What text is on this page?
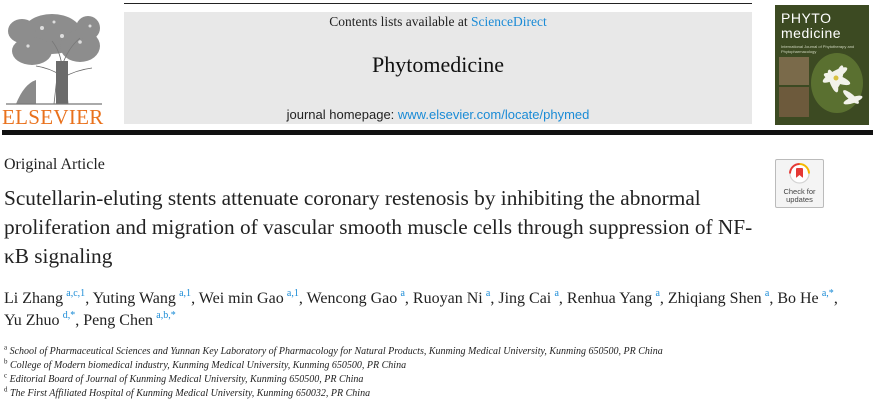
ELSEVIER
Contents lists available at ScienceDirect
Phytomedicine
journal homepage: www.elsevier.com/locate/phymed
PHYTO
medicine
International Journal of Phytotherapy and Phytopharmacology
Original Article
Scutellarin-eluting stents attenuate coronary restenosis by inhibiting the abnormal proliferation and migration of vascular smooth muscle cells through suppression of NF-κB signaling
Check for updates
Li Zhang  $^{a,c,1}$, Yuting Wang  $^{a,1}$, Wei min Gao  $^{a,1}$, Wencong Gao  $^a$, Ruoyan Ni  $^a$, Jing Cai  $^a$, Renhua Yang  $^a$, Zhiqiang Shen  $^a$, Bo He  $^{a,*}$, Yu Zhuo  $^{d,*}$, Peng Chen  $^{a,b,*}$
$^a$ School of Pharmaceutical Sciences and Yunnan Key Laboratory of Pharmacology for Natural Products, Kunming Medical University, Kunming 650500, PR China
$^b$ College of Modern biomedical industry, Kunming Medical University, Kunming 650500, PR China
$^c$ Editorial Board of Journal of Kunming Medical University, Kunming 650500, PR China
$^d$ The First Affiliated Hospital of Kunming Medical University, Kunming 650032, PR China
